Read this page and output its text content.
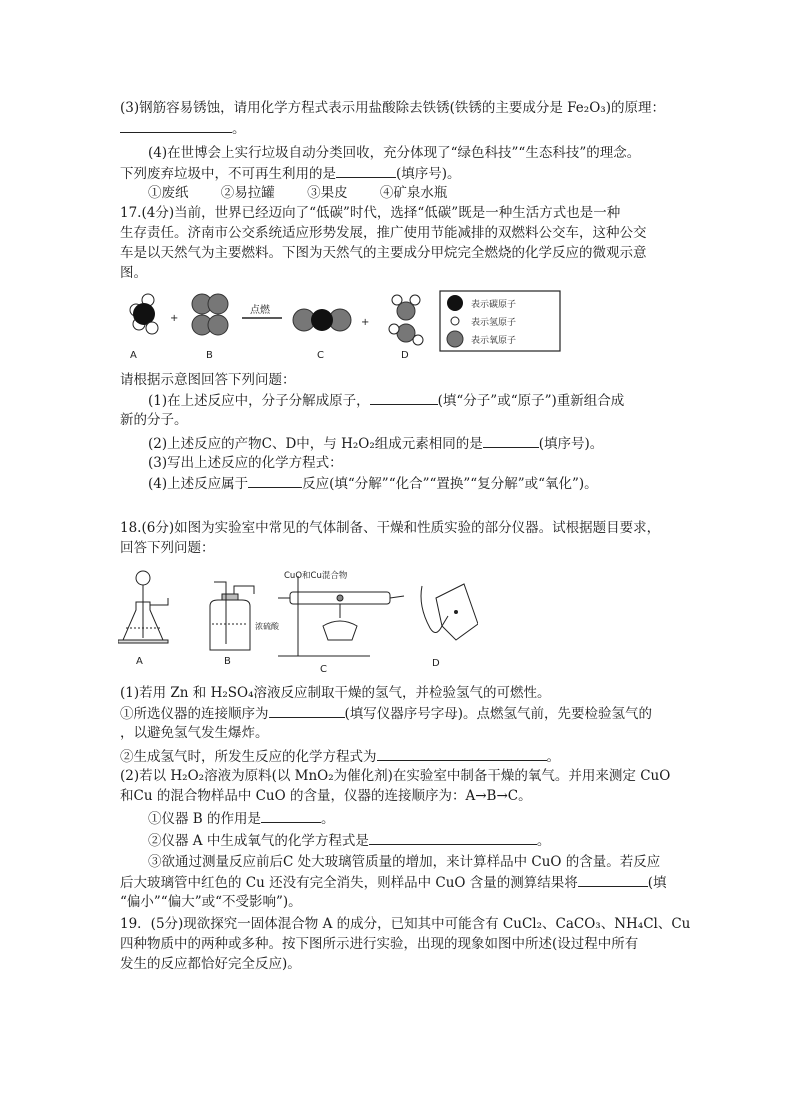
(3)钢筋容易锈蚀，请用化学方程式表示用盐酸除去铁锈(铁锈的主要成分是 Fe₂O₃)的原理：
。
(4)在世博会上实行垃圾自动分类回收，充分体现了“绿色科技”“生态科技”的理念。
下列废弃垃圾中，不可再生利用的是	(填序号)。
①废纸 ②易拉罐 ③果皮 ④矿泉水瓶
17.(4分)当前，世界已经迈向了“低碳”时代，选择“低碳”既是一种生活方式也是一种
生存责任。济南市公交系统适应形势发展，推广使用节能减排的双燃料公交车，这种公交
车是以天然气为主要燃料。下图为天然气的主要成分甲烷完全燃烧的化学反应的微观示意
图。
A
+
B
点燃
C
+
D
表示碳原子
表示氢原子
表示氧原子
请根据示意图回答下列问题：
(1)在上述反应中，分子分解成原子，	(填“分子”或“原子”)重新组合成
新的分子。
(2)上述反应的产物C、D中，与 H₂O₂组成元素相同的是	(填序号)。
(3)写出上述反应的化学方程式：
(4)上述反应属于	反应(填“分解”“化合”“置换”“复分解”或“氧化”)。
18.(6分)如图为实验室中常见的气体制备、干燥和性质实验的部分仪器。试根据题目要求，
回答下列问题：
A
浓硫酸
B
CuO和Cu混合物
C
D
(1)若用 Zn 和 H₂SO₄溶液反应制取干燥的氢气，并检验氢气的可燃性。
①所选仪器的连接顺序为	(填写仪器序号字母)。点燃氢气前，先要检验氢气的
，以避免氢气发生爆炸。
②生成氢气时，所发生反应的化学方程式为	。
(2)若以 H₂O₂溶液为原料(以 MnO₂为催化剂)在实验室中制备干燥的氧气。并用来测定 CuO
和Cu 的混合物样品中 CuO 的含量，仪器的连接顺序为：A→B→C。
①仪器 B 的作用是	。
②仪器 A 中生成氧气的化学方程式是	。
③欲通过测量反应前后C 处大玻璃管质量的增加，来计算样品中 CuO 的含量。若反应
后大玻璃管中红色的 Cu 还没有完全消失，则样品中 CuO 含量的测算结果将	(填
“偏小”“偏大”或“不受影响”)。
19．(5分)现欲探究一固体混合物 A 的成分，已知其中可能含有 CuCl₂、CaCO₃、NH₄Cl、Cu
四种物质中的两种或多种。按下图所示进行实验，出现的现象如图中所述(设过程中所有
发生的反应都恰好完全反应)。
